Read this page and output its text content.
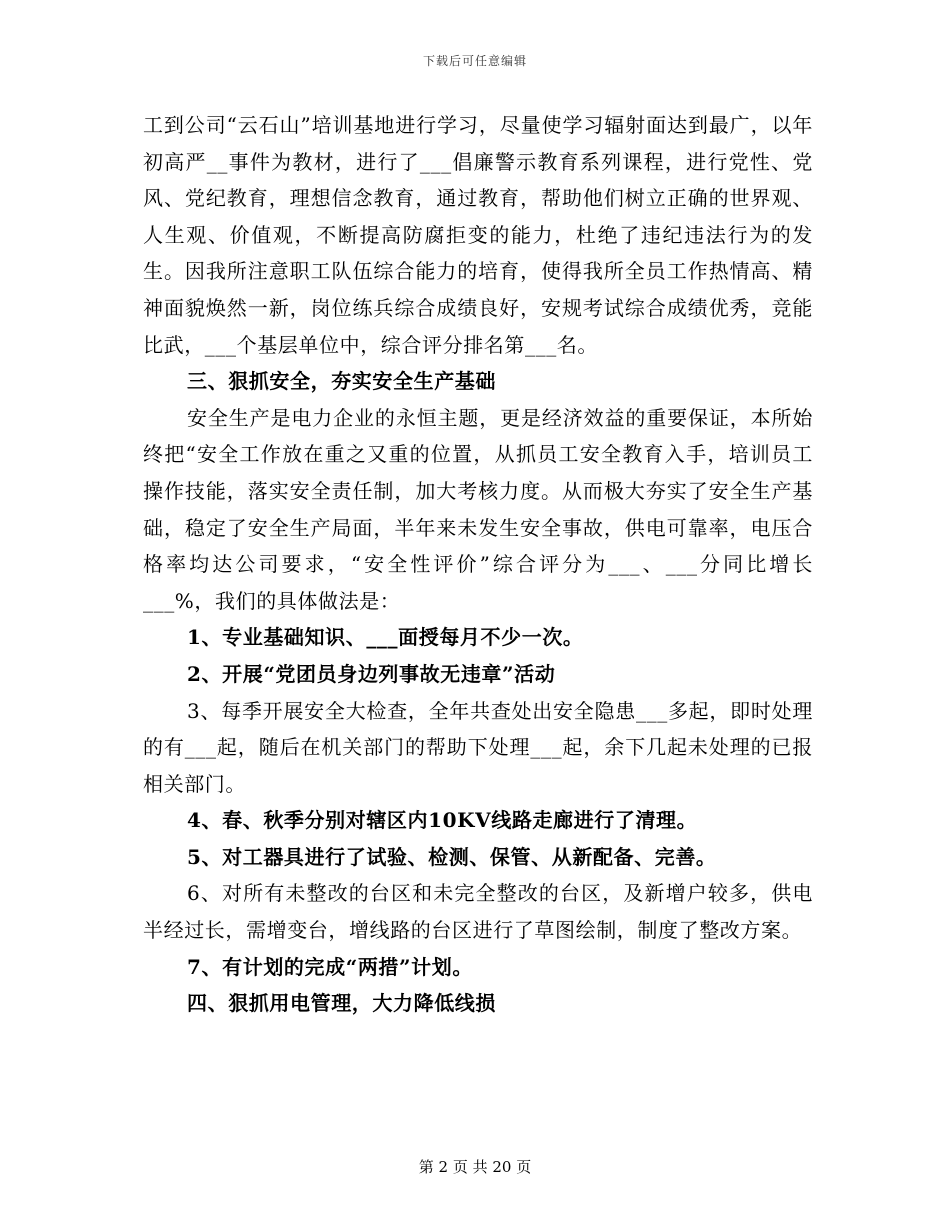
下载后可任意编辑

工到公司“云石山”培训基地进行学习，尽量使学习辐射面达到最广，以年初高严__事件为教材，进行了___倡廉警示教育系列课程，进行党性、党风、党纪教育，理想信念教育，通过教育，帮助他们树立正确的世界观、人生观、价值观，不断提高防腐拒变的能力，杜绝了违纪违法行为的发生。因我所注意职工队伍综合能力的培育，使得我所全员工作热情高、精神面貌焕然一新，岗位练兵综合成绩良好，安规考试综合成绩优秀，竞能比武，___个基层单位中，综合评分排名第___名。

三、狠抓安全，夯实安全生产基础

安全生产是电力企业的永恒主题，更是经济效益的重要保证，本所始终把“安全工作放在重之又重的位置，从抓员工安全教育入手，培训员工操作技能，落实安全责任制，加大考核力度。从而极大夯实了安全生产基础，稳定了安全生产局面，半年来未发生安全事故，供电可靠率，电压合格率均达公司要求，“安全性评价”综合评分为___、___分同比增长___%，我们的具体做法是：

1、专业基础知识、___面授每月不少一次。

2、开展“党团员身边列事故无违章”活动

3、每季开展安全大检查，全年共查处出安全隐患___多起，即时处理的有___起，随后在机关部门的帮助下处理___起，余下几起未处理的已报相关部门。

4、春、秋季分别对辖区内10KV线路走廊进行了清理。

5、对工器具进行了试验、检测、保管、从新配备、完善。

6、对所有未整改的台区和未完全整改的台区，及新增户较多，供电半经过长，需增变台，增线路的台区进行了草图绘制，制度了整改方案。

7、有计划的完成“两措”计划。

四、狠抓用电管理，大力降低线损

第 2 页 共 20 页
